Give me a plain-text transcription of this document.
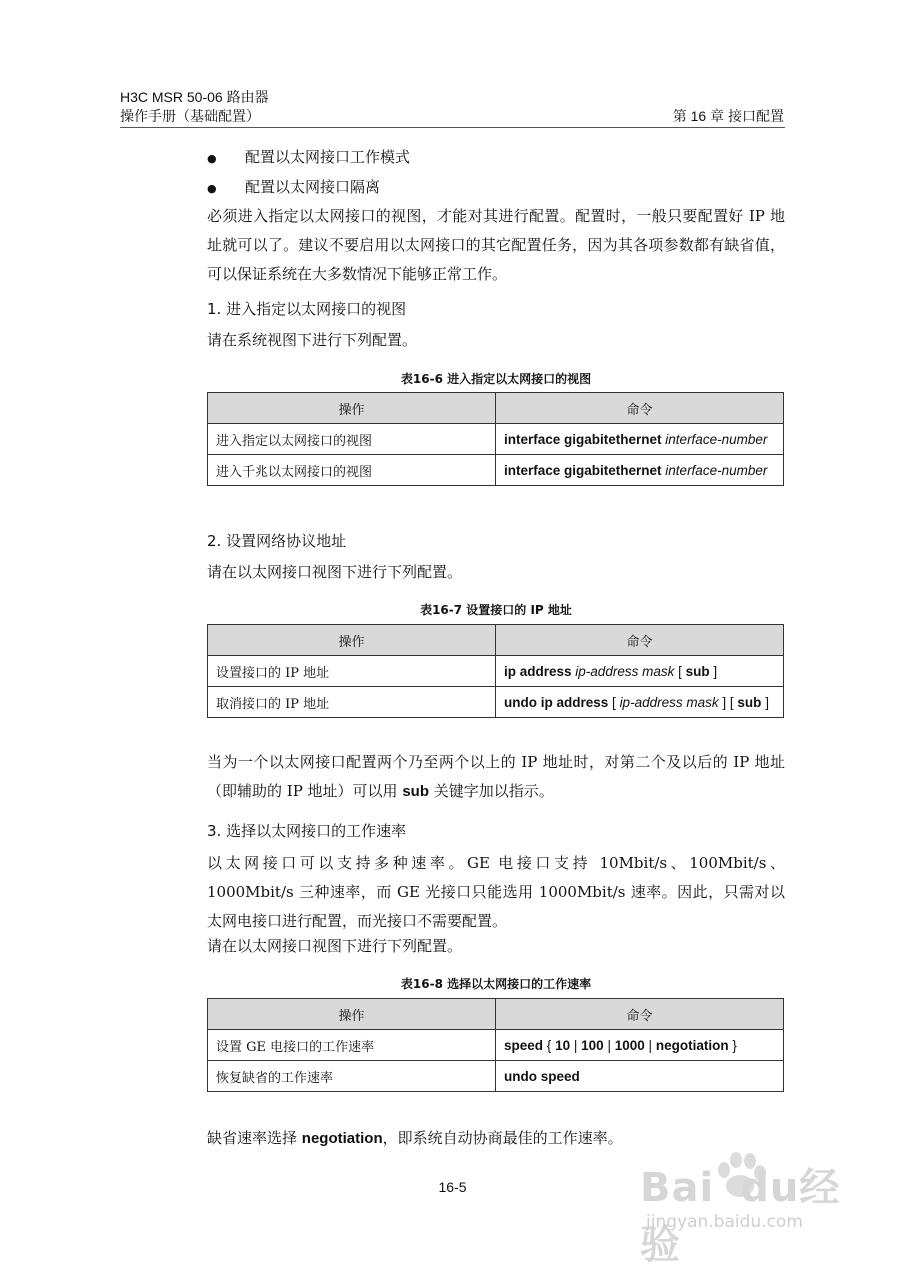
H3C MSR 50-06 路由器
操作手册（基础配置）	第 16 章 接口配置
● 配置以太网接口工作模式
● 配置以太网接口隔离
必须进入指定以太网接口的视图，才能对其进行配置。配置时，一般只要配置好 IP 地址就可以了。建议不要启用以太网接口的其它配置任务，因为其各项参数都有缺省值，可以保证系统在大多数情况下能够正常工作。
1. 进入指定以太网接口的视图
请在系统视图下进行下列配置。
表16-6 进入指定以太网接口的视图
操作	命令
进入指定以太网接口的视图	interface gigabitethernet interface-number
进入千兆以太网接口的视图	interface gigabitethernet interface-number
2. 设置网络协议地址
请在以太网接口视图下进行下列配置。
表16-7 设置接口的 IP 地址
操作	命令
设置接口的 IP 地址	ip address ip-address mask [ sub ]
取消接口的 IP 地址	undo ip address [ ip-address mask ] [ sub ]
当为一个以太网接口配置两个乃至两个以上的 IP 地址时，对第二个及以后的 IP 地址（即辅助的 IP 地址）可以用 sub 关键字加以指示。
3. 选择以太网接口的工作速率
以太网接口可以支持多种速率。GE 电接口支持 10Mbit/s、100Mbit/s、1000Mbit/s 三种速率，而 GE 光接口只能选用 1000Mbit/s 速率。因此，只需对以太网电接口进行配置，而光接口不需要配置。
请在以太网接口视图下进行下列配置。
表16-8 选择以太网接口的工作速率
操作	命令
设置 GE 电接口的工作速率	speed { 10 | 100 | 1000 | negotiation }
恢复缺省的工作速率	undo speed
缺省速率选择 negotiation，即系统自动协商最佳的工作速率。
16-5	Bai du经验
jingyan.baidu.com
